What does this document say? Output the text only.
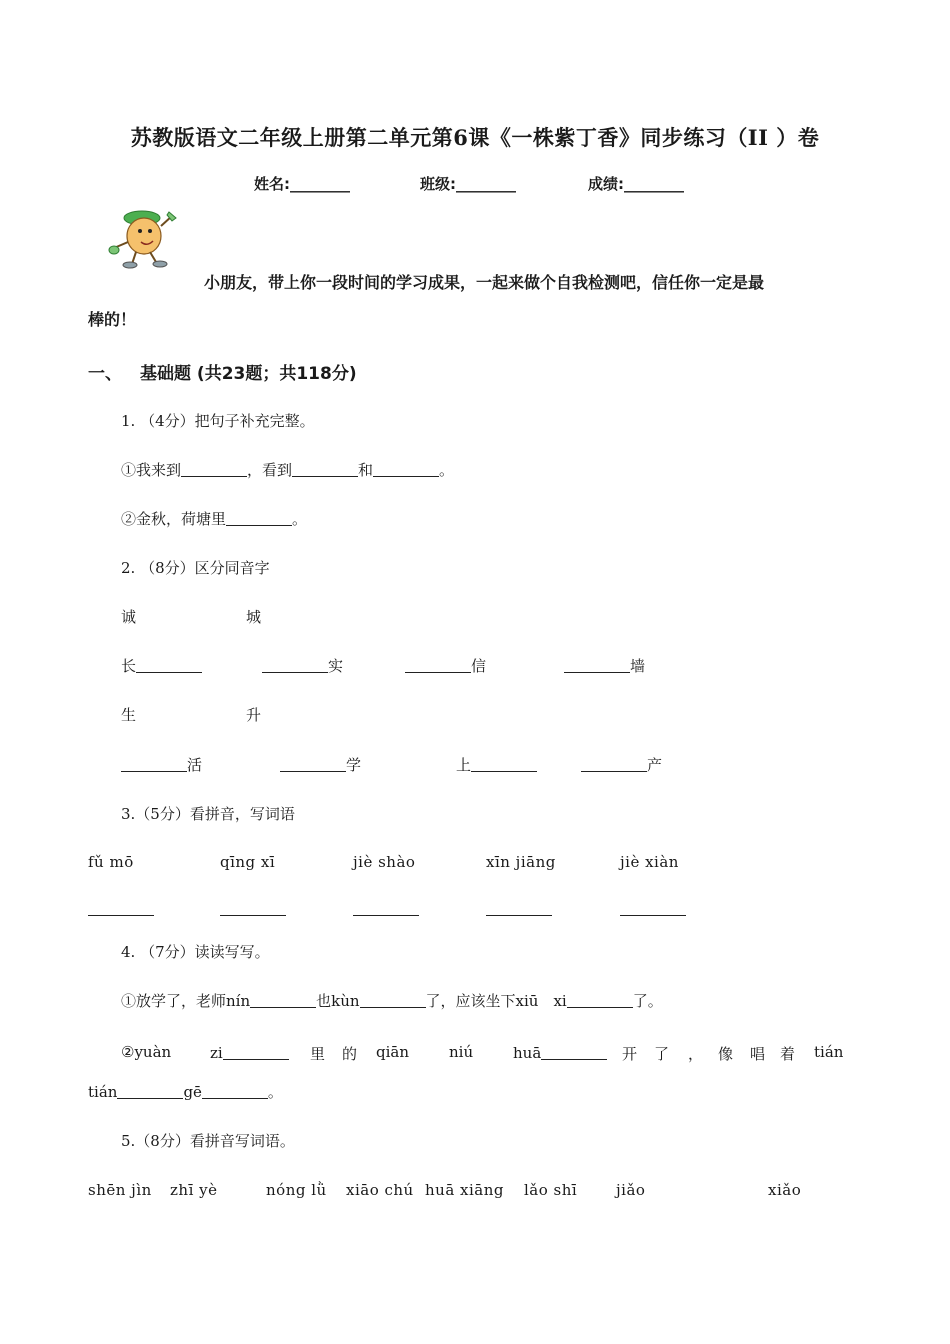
苏教版语文二年级上册第二单元第6课《一株紫丁香》同步练习（II ）卷
姓名:________	班级:________	成绩:________
小朋友，带上你一段时间的学习成果，一起来做个自我检测吧，信任你一定是最
棒的！
一、 基础题 (共23题；共118分)
1. （4分）把句子补充完整。
①我来到	，看到	和	。
②金秋，荷塘里	。
2. （8分）区分同音字
诚	城
长	实	信	墙
生	升
活	学	上	产
3.（5分）看拼音，写词语
fǔ mō	qīng xī	jiè shào	xīn jiāng	jiè xiàn
4. （7分）读读写写。
①放学了，老师nín	也kùn	了，应该坐下xiū　xi	了。
②yuàn	zi	里 的 qiān	niú	huā	开 了 ， 像 唱 着 tián
tián	gē	。
5.（8分）看拼音写词语。
shēn jìn zhī yè	nóng lǜ xiāo chú huā xiāng lǎo shī	jiǎo	xiǎo
